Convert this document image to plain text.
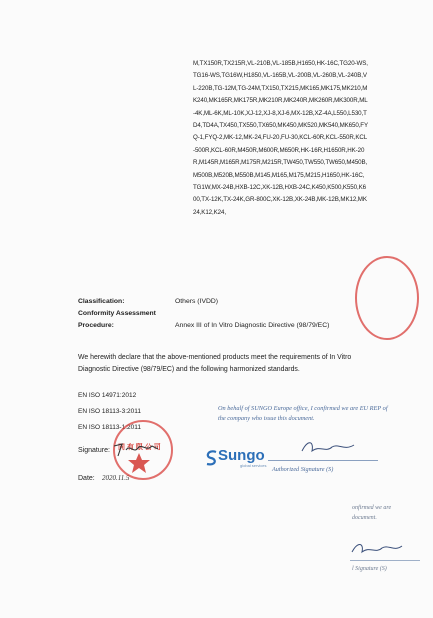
M,TX150R,TX215R,VL-210B,VL-185B,H1650,HK-16C,TG20-WS,TG16-WS,TG16W,H1850,VL-165B,VL-200B,VL-260B,VL-240B,VL-220B,TG-12M,TG-24M,TX150,TX215,MK165,MK175,MK210,MK240,MK165R,MK175R,MK210R,MK240R,MK260R,MK300R,ML-4K,ML-6K,ML-10K,XJ-12,XJ-8,XJ-6,MX-12B,XZ-4A,L550,L530,TD4,TD4A,TX450,TX550,TX650,MK450,MK520,MK540,MK650,FYQ-1,FYQ-2,MK-12,MK-24,FU-20,FU-30,KCL-60R,KCL-550R,KCL-500R,KCL-60R,M450R,M600R,M650R,HK-16R,H1650R,HK-20R,M145R,M165R,M175R,M215R,TW450,TW550,TW650,M450B,M500B,M520B,M550B,M145,M165,M175,M215,H1650,HK-16C,TG1W,MX-24B,HXB-12C,XK-12B,HXB-24C,K450,K500,K550,K600,TX-12K,TX-24K,GR-800C,XK-12B,XK-24B,MK-12B,MK12,MK24,K12,K24,
Classification:	Others (IVDD)
Conformity Assessment
Procedure:	Annex III of In Vitro Diagnostic Directive (98/79/EC)
We herewith declare that the above-mentioned products meet the requirements of In Vitro Diagnostic Directive (98/79/EC) and the following harmonized standards.
EN ISO 14971:2012
EN ISO 18113-3:2011
EN ISO 18113-1:2011
Signature:
Date: 2020.11.5
同 有 限 公 司
On behalf of SUNGO Europe office, I confirmed we are EU REP of the company who issue this document.
Sungo
global services
Authorized Signature (S)
onfirmed we are
document.
l Signature (S)
